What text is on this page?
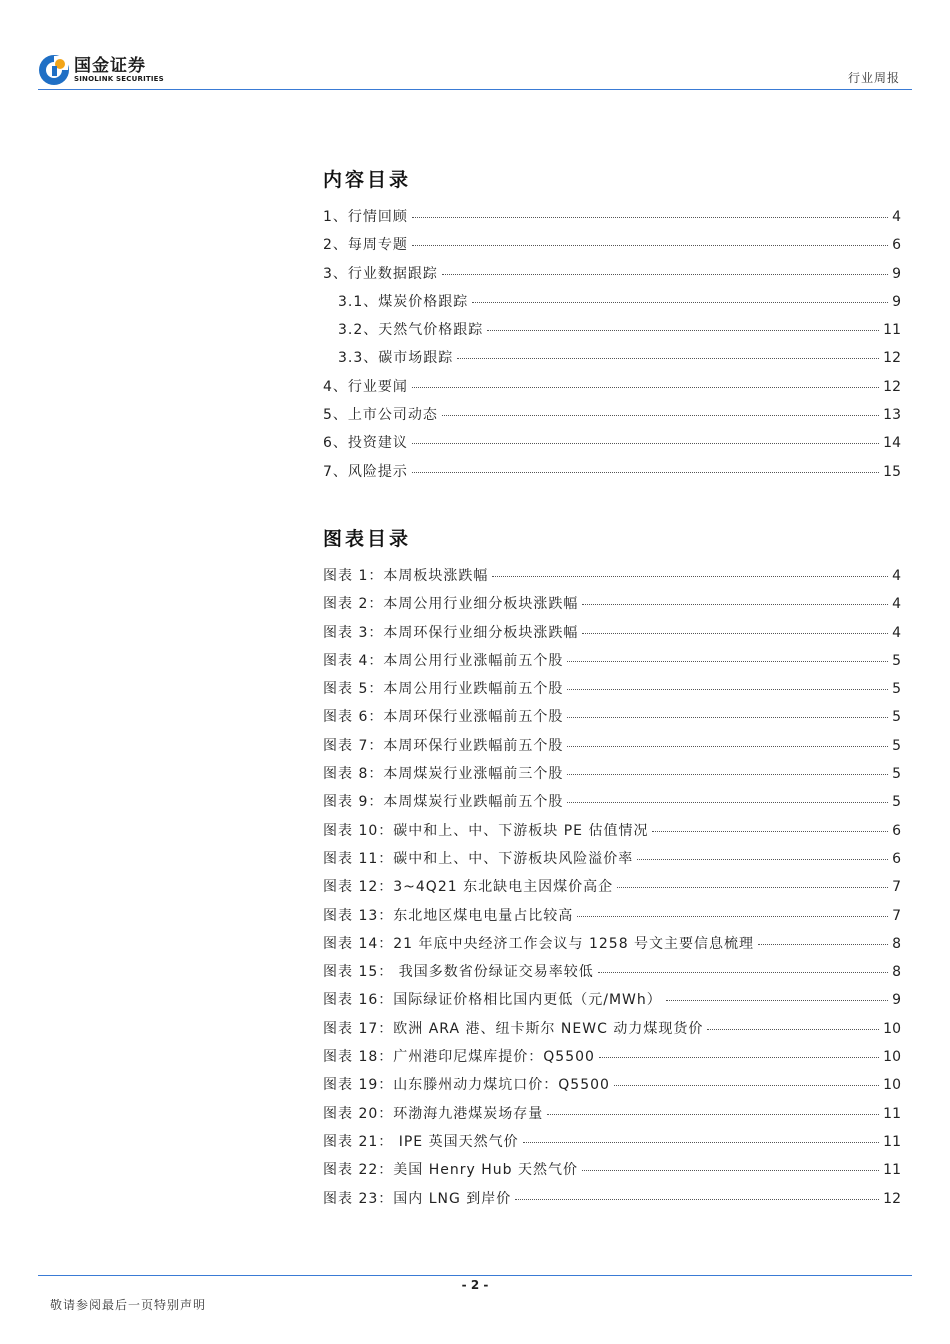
国金证券
SINOLINK SECURITIES	行业周报
内容目录
1、行情回顾	4
2、每周专题	6
3、行业数据跟踪	9
3.1、煤炭价格跟踪	9
3.2、天然气价格跟踪	11
3.3、碳市场跟踪	12
4、行业要闻	12
5、上市公司动态	13
6、投资建议	14
7、风险提示	15
图表目录
图表 1：本周板块涨跌幅	4
图表 2：本周公用行业细分板块涨跌幅	4
图表 3：本周环保行业细分板块涨跌幅	4
图表 4：本周公用行业涨幅前五个股	5
图表 5：本周公用行业跌幅前五个股	5
图表 6：本周环保行业涨幅前五个股	5
图表 7：本周环保行业跌幅前五个股	5
图表 8：本周煤炭行业涨幅前三个股	5
图表 9：本周煤炭行业跌幅前五个股	5
图表 10：碳中和上、中、下游板块 PE 估值情况	6
图表 11：碳中和上、中、下游板块风险溢价率	6
图表 12：3~4Q21 东北缺电主因煤价高企	7
图表 13：东北地区煤电电量占比较高	7
图表 14：21 年底中央经济工作会议与 1258 号文主要信息梳理	8
图表 15： 我国多数省份绿证交易率较低	8
图表 16：国际绿证价格相比国内更低（元/MWh）	9
图表 17：欧洲 ARA 港、纽卡斯尔 NEWC 动力煤现货价	10
图表 18：广州港印尼煤库提价：Q5500	10
图表 19：山东滕州动力煤坑口价：Q5500	10
图表 20：环渤海九港煤炭场存量	11
图表 21： IPE 英国天然气价	11
图表 22：美国 Henry Hub 天然气价	11
图表 23：国内 LNG 到岸价	12
- 2 -
敬请参阅最后一页特别声明
